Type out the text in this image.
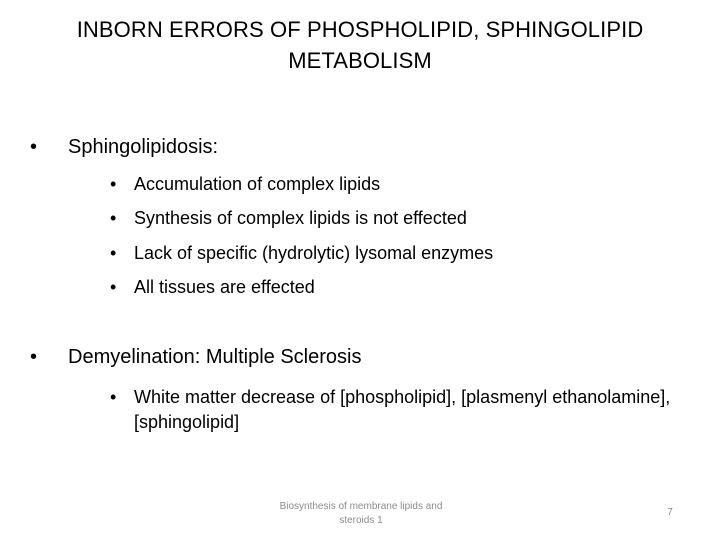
INBORN ERRORS OF PHOSPHOLIPID, SPHINGOLIPID
METABOLISM
•	Sphingolipidosis:
• Accumulation of complex lipids
• Synthesis of complex lipids is not effected
• Lack of specific (hydrolytic) lysomal enzymes
• All tissues are effected
•	Demyelination: Multiple Sclerosis
• White matter decrease of [phospholipid], [plasmenyl ethanolamine], [sphingolipid]
Biosynthesis of membrane lipids and
steroids 1
7
